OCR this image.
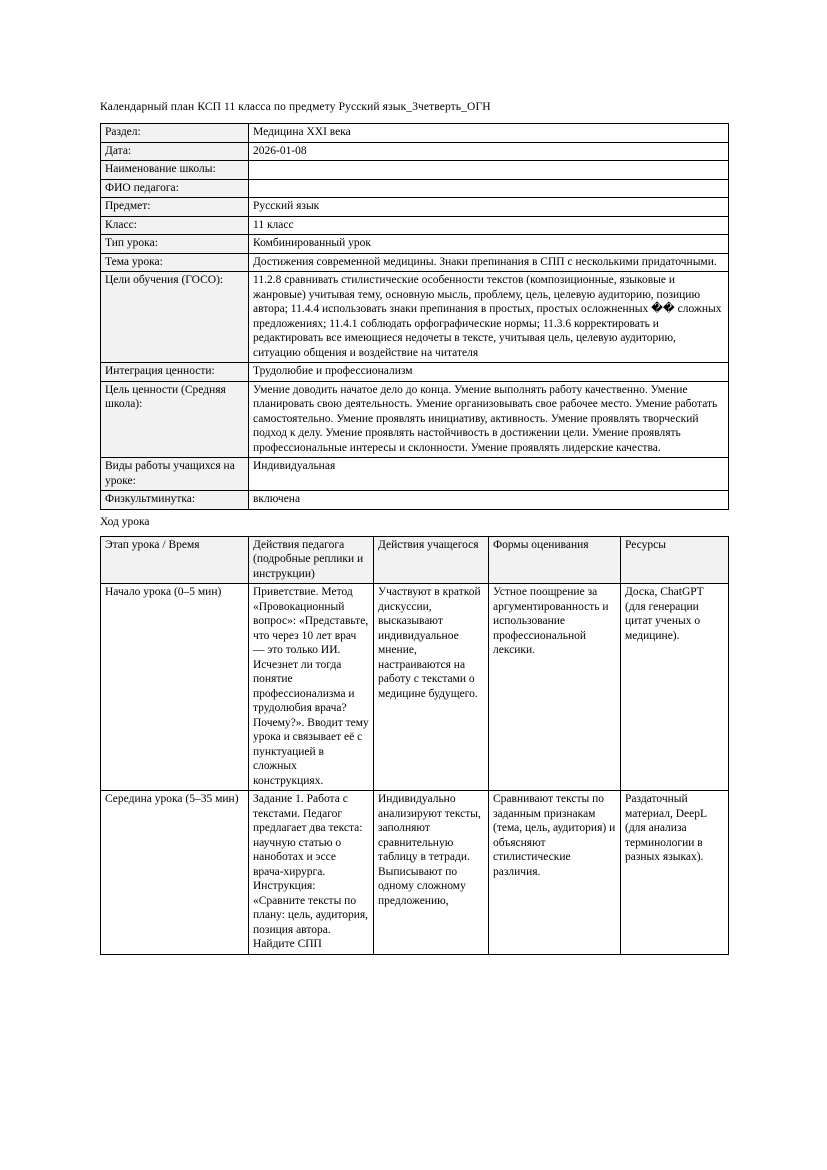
Календарный план КСП 11 класса по предмету Русский язык_3четверть_ОГН
Раздел:	Медицина XXI века
Дата:	2026-01-08
Наименование школы:	
ФИО педагога:	
Предмет:	Русский язык
Класс:	11 класс
Тип урока:	Комбинированный урок
Тема урока:	Достижения современной медицины. Знаки препинания в СПП с несколькими придаточными.
Цели обучения (ГОСО):	11.2.8 сравнивать стилистические особенности текстов (композиционные, языковые и жанровые) учитывая тему, основную мысль, проблему, цель, целевую аудиторию, позицию автора; 11.4.4 использовать знаки препинания в простых, простых осложненных �� сложных предложениях; 11.4.1 соблюдать орфографические нормы; 11.3.6 корректировать и редактировать все имеющиеся недочеты в тексте, учитывая цель, целевую аудиторию, ситуацию общения и воздействие на читателя
Интеграция ценности:	Трудолюбие и профессионализм
Цель ценности (Средняя школа):	Умение доводить начатое дело до конца. Умение выполнять работу качественно. Умение планировать свою деятельность. Умение организовывать свое рабочее место. Умение работать самостоятельно. Умение проявлять инициативу, активность. Умение проявлять творческий подход к делу. Умение проявлять настойчивость в достижении цели. Умение проявлять профессиональные интересы и склонности. Умение проявлять лидерские качества.
Виды работы учащихся на уроке:	Индивидуальная
Физкультминутка:	включена
Ход урока
Этап урока / Время	Действия педагога (подробные реплики и инструкции)	Действия учащегося	Формы оценивания	Ресурсы
Начало урока (0–5 мин)	Приветствие. Метод «Провокационный вопрос»: «Представьте, что через 10 лет врач — это только ИИ. Исчезнет ли тогда понятие профессионализма и трудолюбия врача? Почему?». Вводит тему урока и связывает её с пунктуацией в сложных конструкциях.	Участвуют в краткой дискуссии, высказывают индивидуальное мнение, настраиваются на работу с текстами о медицине будущего.	Устное поощрение за аргументированность и использование профессиональной лексики.	Доска, ChatGPT (для генерации цитат ученых о медицине).
Середина урока (5–35 мин)	Задание 1. Работа с текстами. Педагог предлагает два текста: научную статью о наноботах и эссе врача-хирурга. Инструкция: «Сравните тексты по плану: цель, аудитория, позиция автора. Найдите СПП	Индивидуально анализируют тексты, заполняют сравнительную таблицу в тетради. Выписывают по одному сложному предложению,	Сравнивают тексты по заданным признакам (тема, цель, аудитория) и объясняют стилистические различия.	Раздаточный материал, DeepL (для анализа терминологии в разных языках).
